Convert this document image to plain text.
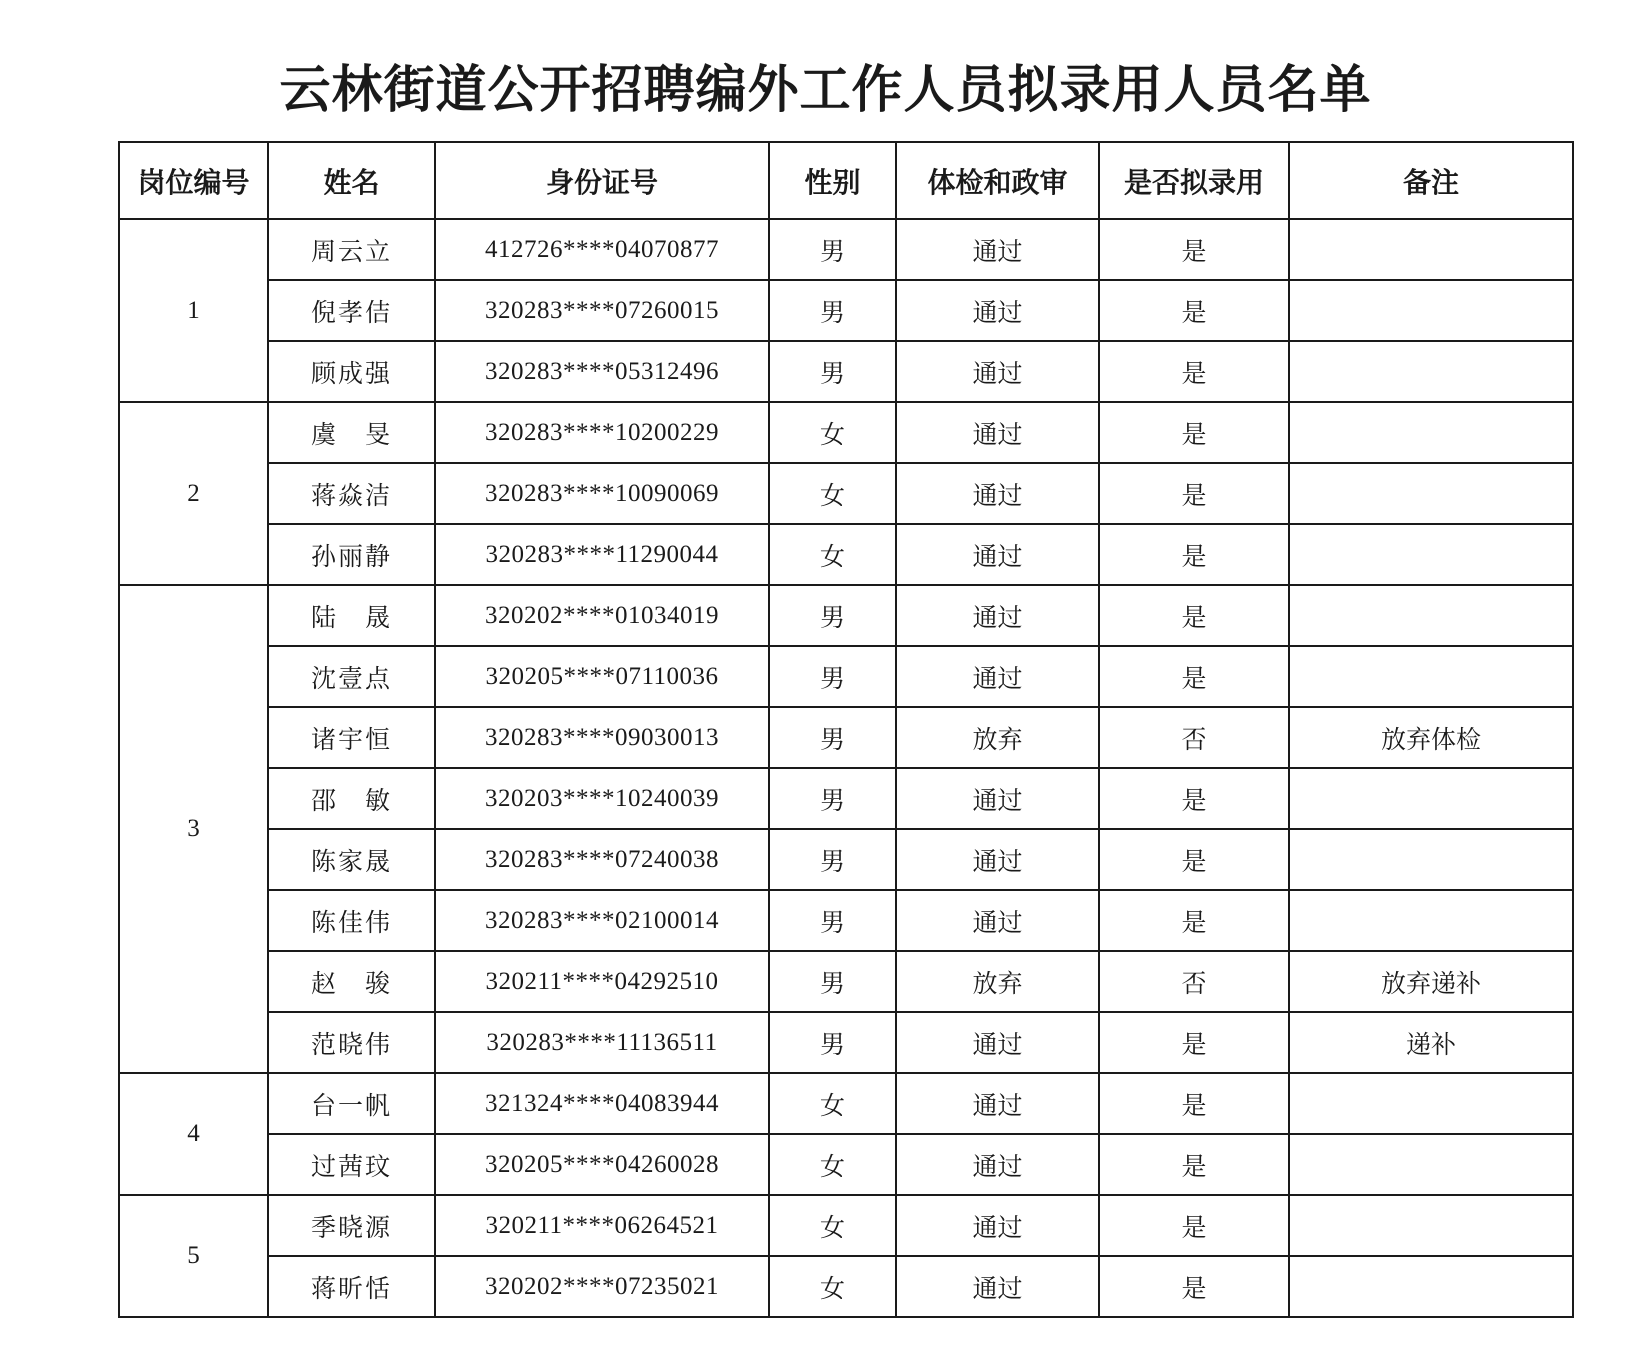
云林街道公开招聘编外工作人员拟录用人员名单
岗位编号	姓名	身份证号	性别	体检和政审	是否拟录用	备注
1	周云立	412726****04070877	男	通过	是	
	倪孝佶	320283****07260015	男	通过	是	
	顾成强	320283****05312496	男	通过	是	
2	虞　旻	320283****10200229	女	通过	是	
	蒋焱洁	320283****10090069	女	通过	是	
	孙丽静	320283****11290044	女	通过	是	
3	陆　晟	320202****01034019	男	通过	是	
	沈壹点	320205****07110036	男	通过	是	
	诸宇恒	320283****09030013	男	放弃	否	放弃体检
	邵　敏	320203****10240039	男	通过	是	
	陈家晟	320283****07240038	男	通过	是	
	陈佳伟	320283****02100014	男	通过	是	
	赵　骏	320211****04292510	男	放弃	否	放弃递补
	范晓伟	320283****11136511	男	通过	是	递补
4	台一帆	321324****04083944	女	通过	是	
	过茜玟	320205****04260028	女	通过	是	
5	季晓源	320211****06264521	女	通过	是	
	蒋昕恬	320202****07235021	女	通过	是	
